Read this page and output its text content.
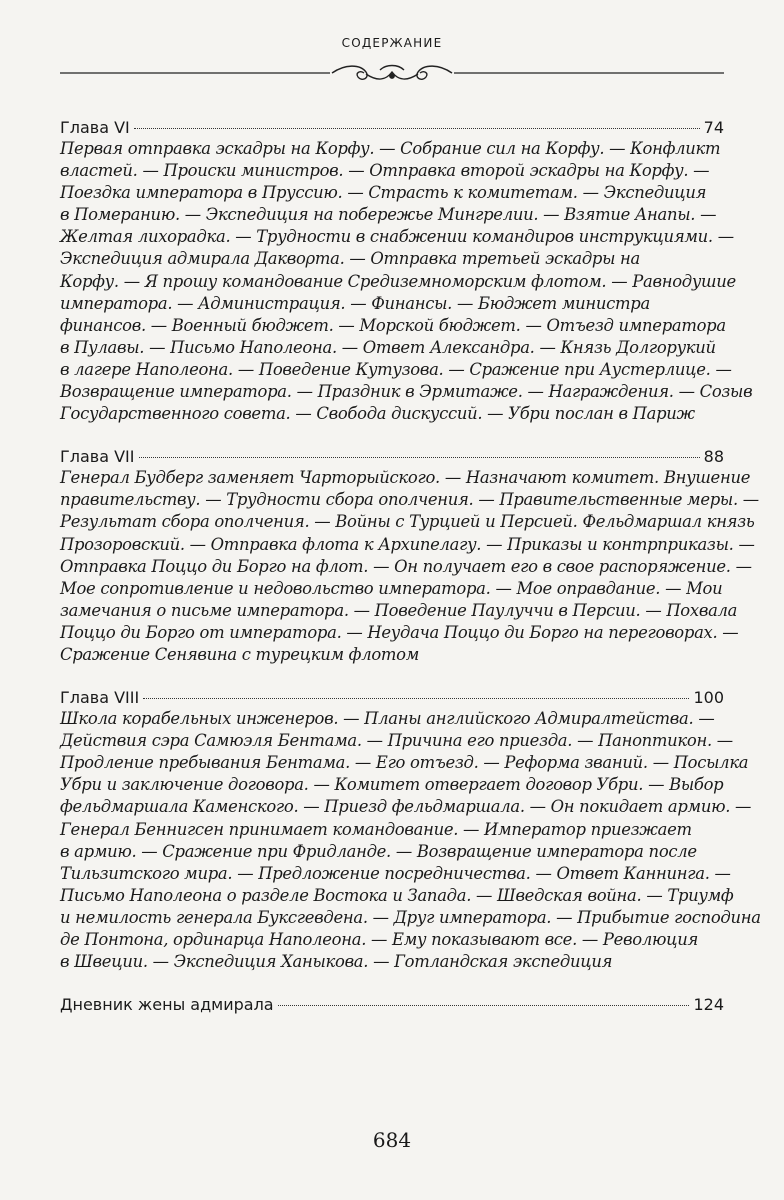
СОДЕРЖАНИЕ
Глава VI	74
Первая отправка эскадры на Корфу. — Собрание сил на Корфу. — Конфликт
властей. — Происки министров. — Отправка второй эскадры на Корфу. —
Поездка императора в Пруссию. — Страсть к комитетам. — Экспедиция
в Померанию. — Экспедиция на побережье Мингрелии. — Взятие Анапы. —
Желтая лихорадка. — Трудности в снабжении командиров инструкциями. —
Экспедиция адмирала Даквορта. — Отправка третьей эскадры на
Корфу. — Я прошу командование Средиземноморским флотом. — Равнодушие
императора. — Администрация. — Финансы. — Бюджет министра
финансов. — Военный бюджет. — Морской бюджет. — Отъезд императора
в Пулавы. — Письмо Наполеона. — Ответ Александра. — Князь Долгорукий
в лагере Наполеона. — Поведение Кутузова. — Сражение при Аустерлице. —
Возвращение императора. — Праздник в Эрмитаже. — Награждения. — Созыв
Государственного совета. — Свобода дискуссий. — Убри послан в Париж
Глава VII	88
Генерал Будберг заменяет Чарторыйского. — Назначают комитет. Внушение
правительству. — Трудности сбора ополчения. — Правительственные меры. —
Результат сбора ополчения. — Войны с Турцией и Персией. Фельдмаршал князь
Прозоровский. — Отправка флота к Архипелагу. — Приказы и контрприказы. —
Отправка Поццо ди Борго на флот. — Он получает его в свое распоряжение. —
Мое сопротивление и недовольство императора. — Мое оправдание. — Мои
замечания о письме императора. — Поведение Паулуччи в Персии. — Похвала
Поццо ди Борго от императора. — Неудача Поццо ди Борго на переговорах. —
Сражение Сенявина с турецким флотом
Глава VIII	100
Школа корабельных инженеров. — Планы английского Адмиралтейства. —
Действия сэра Самюэля Бентама. — Причина его приезда. — Паноптикон. —
Продление пребывания Бентама. — Его отъезд. — Реформа званий. — Посылка
Убри и заключение договора. — Комитет отвергает договор Убри. — Выбор
фельдмаршала Каменского. — Приезд фельдмаршала. — Он покидает армию. —
Генерал Беннигсен принимает командование. — Император приезжает
в армию. — Сражение при Фридланде. — Возвращение императора после
Тильзитского мира. — Предложение посредничества. — Ответ Каннинга. —
Письмо Наполеона о разделе Востока и Запада. — Шведская война. — Триумф
и немилость генерала Буксгевдена. — Друг императора. — Прибытие господина
де Понтона, ординарца Наполеона. — Ему показывают все. — Революция
в Швеции. — Экспедиция Ханыкова. — Готландская экспедиция
Дневник жены адмирала	124
684
